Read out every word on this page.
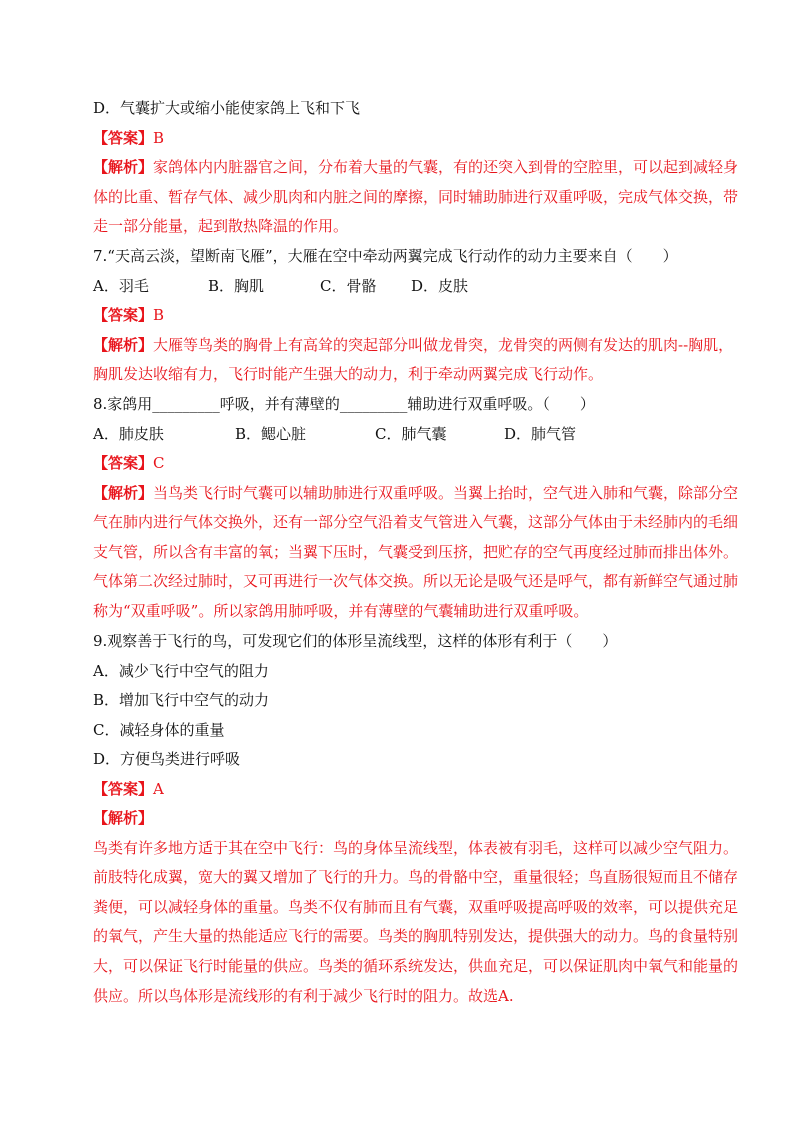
D．气囊扩大或缩小能使家鸽上飞和下飞
【答案】B
【解析】家鸽体内内脏器官之间，分布着大量的气囊，有的还突入到骨的空腔里，可以起到减轻身
体的比重、暂存气体、减少肌肉和内脏之间的摩擦，同时辅助肺进行双重呼吸，完成气体交换，带
走一部分能量，起到散热降温的作用。
7.“天高云淡，望断南飞雁”，大雁在空中牵动两翼完成飞行动作的动力主要来自（　　）
A．羽毛	B．胸肌	C．骨骼 D．皮肤
【答案】B
【解析】大雁等鸟类的胸骨上有高耸的突起部分叫做龙骨突，龙骨突的两侧有发达的肌肉--胸肌，
胸肌发达收缩有力，飞行时能产生强大的动力，利于牵动两翼完成飞行动作。
8.家鸽用_________呼吸，并有薄壁的_________辅助进行双重呼吸。（　　）
A．肺皮肤	B．鳃心脏	C．肺气囊	D．肺气管
【答案】C
【解析】当鸟类飞行时气囊可以辅助肺进行双重呼吸。当翼上抬时，空气进入肺和气囊，除部分空
气在肺内进行气体交换外，还有一部分空气沿着支气管进入气囊，这部分气体由于未经肺内的毛细
支气管，所以含有丰富的氧；当翼下压时，气囊受到压挤，把贮存的空气再度经过肺而排出体外。
气体第二次经过肺时，又可再进行一次气体交换。所以无论是吸气还是呼气，都有新鲜空气通过肺
称为“双重呼吸”。所以家鸽用肺呼吸，并有薄壁的气囊辅助进行双重呼吸。
9.观察善于飞行的鸟，可发现它们的体形呈流线型，这样的体形有利于（　　）
A．减少飞行中空气的阻力
B．增加飞行中空气的动力
C．减轻身体的重量
D．方便鸟类进行呼吸
【答案】A
【解析】
鸟类有许多地方适于其在空中飞行：鸟的身体呈流线型，体表被有羽毛，这样可以减少空气阻力。
前肢特化成翼，宽大的翼又增加了飞行的升力。鸟的骨骼中空，重量很轻；鸟直肠很短而且不储存
粪便，可以减轻身体的重量。鸟类不仅有肺而且有气囊，双重呼吸提高呼吸的效率，可以提供充足
的氧气，产生大量的热能适应飞行的需要。鸟类的胸肌特别发达，提供强大的动力。鸟的食量特别
大，可以保证飞行时能量的供应。鸟类的循环系统发达，供血充足，可以保证肌肉中氧气和能量的
供应。所以鸟体形是流线形的有利于减少飞行时的阻力。故选A.
